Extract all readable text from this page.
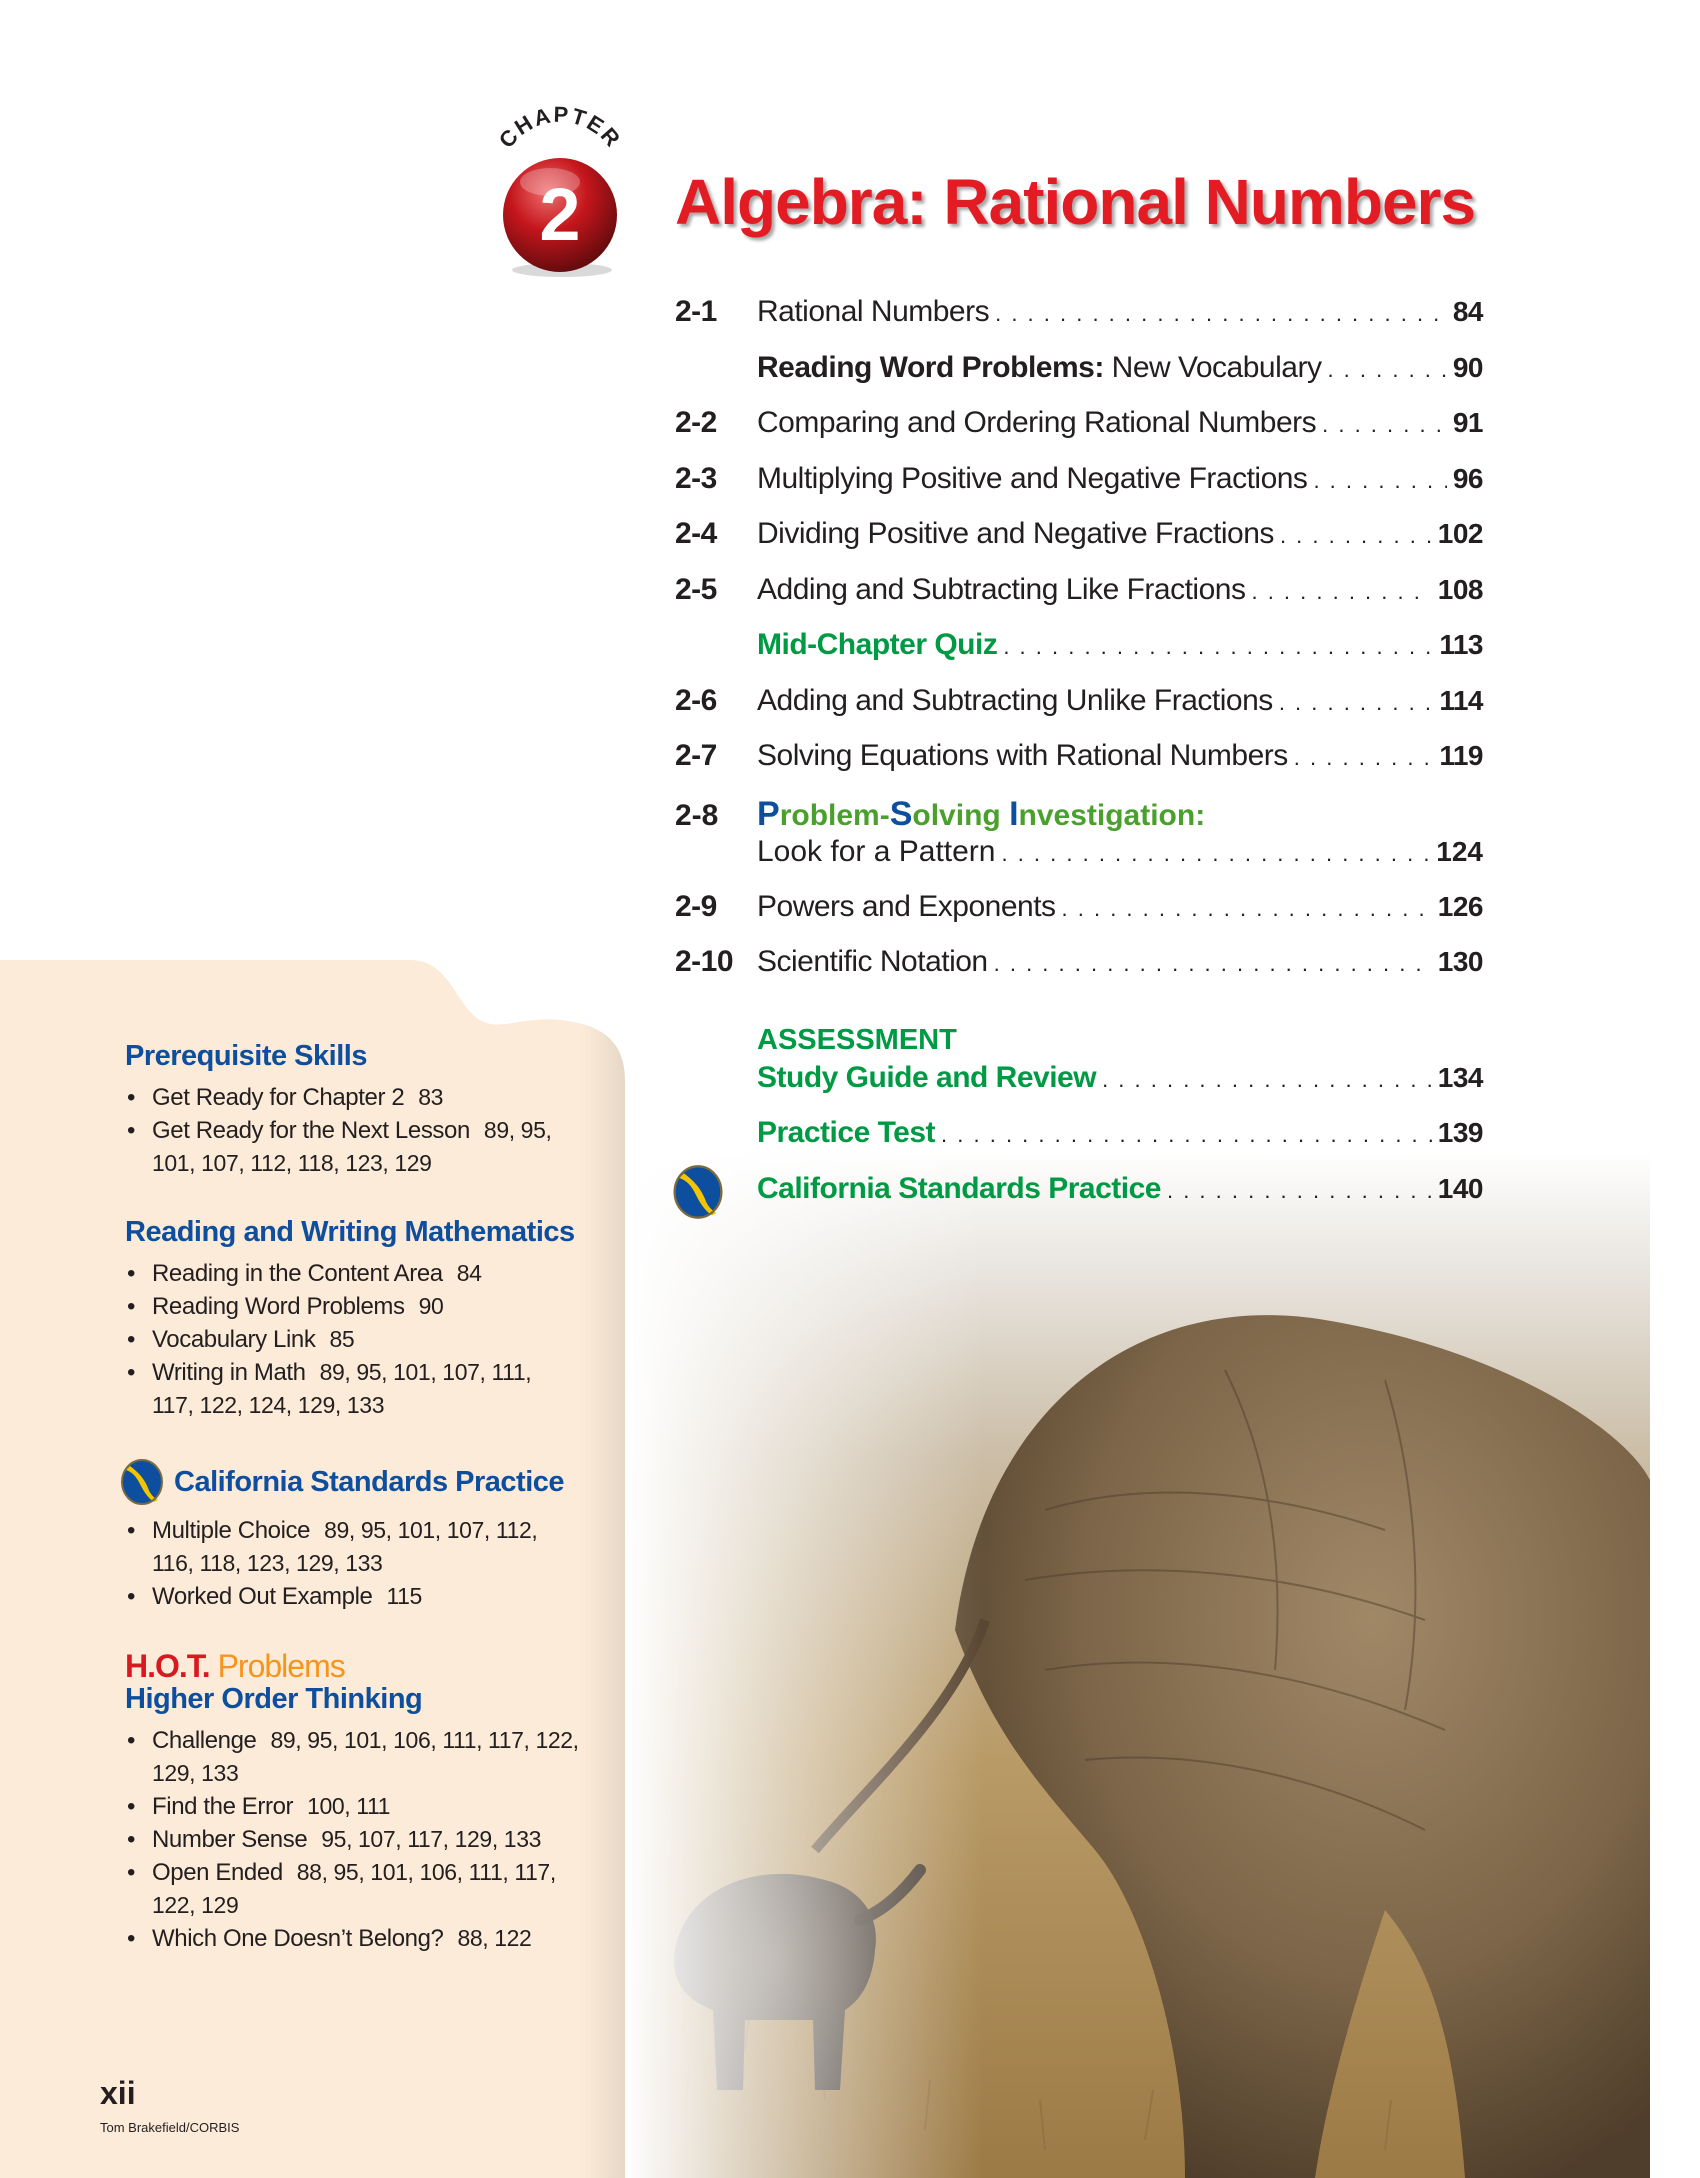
Prerequisite Skills
• Get Ready for Chapter 2 83
• Get Ready for the Next Lesson 89, 95,
101, 107, 112, 118, 123, 129
Reading and Writing Mathematics
• Reading in the Content Area 84
• Reading Word Problems 90
• Vocabulary Link 85
• Writing in Math 89, 95, 101, 107, 111,
117, 122, 124, 129, 133
California Standards Practice
• Multiple Choice 89, 95, 101, 107, 112,
116, 118, 123, 129, 133
• Worked Out Example 115

H.O.T. Problems

Higher Order Thinking
• Challenge 89, 95, 101, 106, 111, 117, 122,
129, 133
• Find the Error 100, 111
• Number Sense 95, 107, 117, 129, 133
• Open Ended 88, 95, 101, 106, 111, 117,
122, 129
• Which One Doesn’t Belong? 88, 122
xii
Tom Brakefield/CORBIS
CHAPTER
2 Algebra: Rational Numbers
2-1	Rational Numbers . . .	84
Reading Word Problems: New Vocabulary . . .	90
2-2	Comparing and Ordering Rational Numbers . . .	91
2-3	Multiplying Positive and Negative Fractions . . .	96
2-4	Dividing Positive and Negative Fractions . . .	102
2-5	Adding and Subtracting Like Fractions . . .	108
Mid-Chapter Quiz . . .	113
2-6	Adding and Subtracting Unlike Fractions . . .	114
2-7	Solving Equations with Rational Numbers . . .	119
2-8	Problem-Solving Investigation:
Look for a Pattern . . .	124
2-9	Powers and Exponents . . .	126
2-10 Scientific Notation . . .	130
ASSESSMENT
Study Guide and Review . . .	134
Practice Test . . .	139
California Standards Practice . . .	140
